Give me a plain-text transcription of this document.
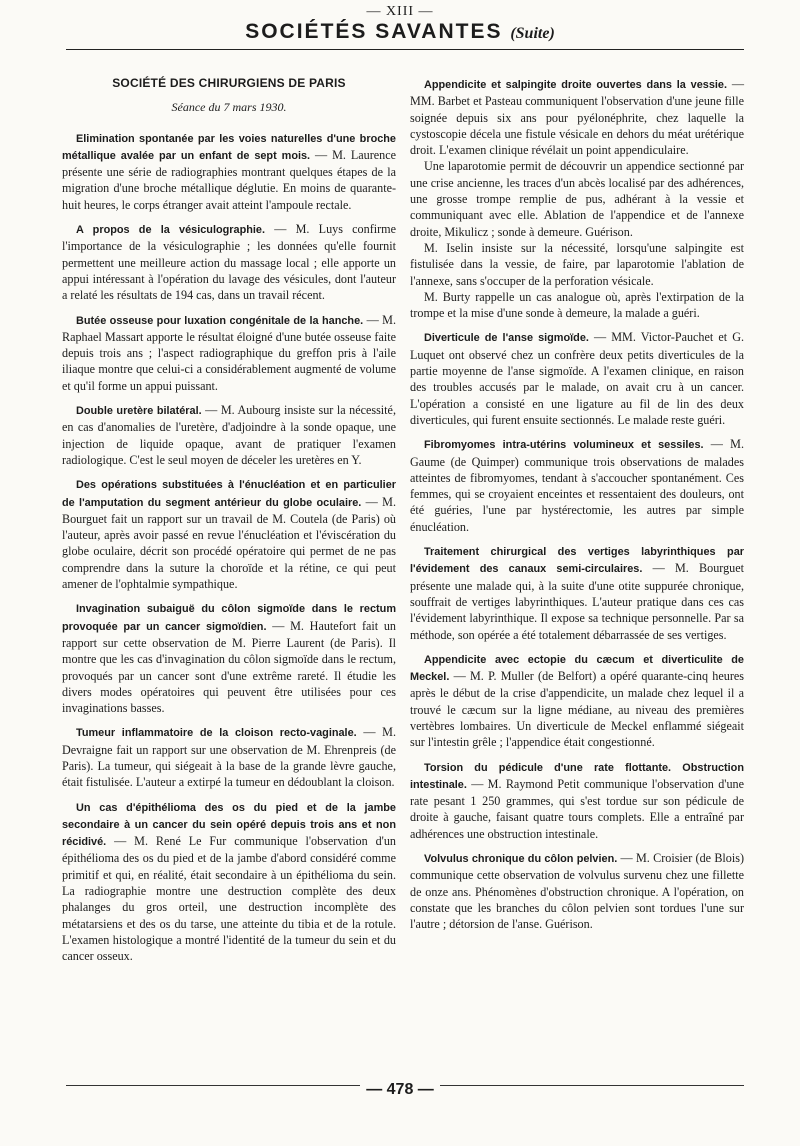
— XIII —
SOCIÉTÉS SAVANTES (Suite)
SOCIÉTÉ DES CHIRURGIENS DE PARIS
Séance du 7 mars 1930.

Elimination spontanée par les voies naturelles d'une broche métallique avalée par un enfant de sept mois. — M. Laurence présente une série de radiographies montrant quelques étapes de la migration d'une broche métallique déglutie. En moins de quarante-huit heures, le corps étranger avait atteint l'ampoule rectale.

A propos de la vésiculographie. — M. Luys confirme l'importance de la vésiculographie ; les données qu'elle fournit permettent une meilleure action du massage local ; elle apporte un appui intéressant à l'opération du lavage des vésicules, dont l'auteur a relaté les résultats de 194 cas, dans un travail récent.

Butée osseuse pour luxation congénitale de la hanche. — M. Raphael Massart apporte le résultat éloigné d'une butée osseuse faite depuis trois ans ; l'aspect radiographique du greffon pris à l'aile iliaque montre que celui-ci a considérablement augmenté de volume et qu'il forme un appui puissant.

Double uretère bilatéral. — M. Aubourg insiste sur la nécessité, en cas d'anomalies de l'uretère, d'adjoindre à la sonde opaque, une injection de liquide opaque, avant de pratiquer l'examen radiologique. C'est le seul moyen de déceler les uretères en Y.

Des opérations substituées à l'énucléation et en particulier de l'amputation du segment antérieur du globe oculaire. — M. Bourguet fait un rapport sur un travail de M. Coutela (de Paris) où l'auteur, après avoir passé en revue l'énucléation et l'éviscération du globe oculaire, décrit son procédé opératoire qui permet de ne pas comprendre dans la suture la choroïde et la rétine, ce qui peut amener de l'ophtalmie sympathique.

Invagination subaiguë du côlon sigmoïde dans le rectum provoquée par un cancer sigmoïdien. — M. Hautefort fait un rapport sur cette observation de M. Pierre Laurent (de Paris). Il montre que les cas d'invagination du côlon sigmoïde dans le rectum, provoqués par un cancer sont d'une extrême rareté. Il étudie les divers modes opératoires qui peuvent être utilisées pour ces invaginations basses.

Tumeur inflammatoire de la cloison recto-vaginale. — M. Devraigne fait un rapport sur une observation de M. Ehrenpreis (de Paris). La tumeur, qui siégeait à la base de la grande lèvre gauche, était fistulisée. L'auteur a extirpé la tumeur en dédoublant la cloison.

Un cas d'épithélioma des os du pied et de la jambe secondaire à un cancer du sein opéré depuis trois ans et non récidivé. — M. René Le Fur communique l'observation d'un épithélioma des os du pied et de la jambe d'abord considéré comme primitif et qui, en réalité, était secondaire à un épithélioma du sein. La radiographie montre une destruction complète des deux phalanges du gros orteil, une destruction incomplète des métatarsiens et des os du tarse, une atteinte du tibia et de la rotule. L'examen histologique a montré l'identité de la tumeur du sein et du cancer osseux.

Appendicite et salpingite droite ouvertes dans la vessie. — MM. Barbet et Pasteau communiquent l'observation d'une jeune fille soignée depuis six ans pour pyélonéphrite, chez laquelle la cystoscopie décela une fistule vésicale en dehors du méat urétérique droit. L'examen clinique révélait un point appendiculaire.

Une laparotomie permit de découvrir un appendice sectionné par une crise ancienne, les traces d'un abcès localisé par des adhérences, une grosse trompe remplie de pus, adhérant à la vessie et communiquant avec elle. Ablation de l'appendice et de l'annexe droite, Mikulicz ; sonde à demeure. Guérison.

M. Iselin insiste sur la nécessité, lorsqu'une salpingite est fistulisée dans la vessie, de faire, par laparotomie l'ablation de l'annexe, sans s'occuper de la perforation vésicale.

M. Burty rappelle un cas analogue où, après l'extirpation de la trompe et la mise d'une sonde à demeure, la malade a guéri.

Diverticule de l'anse sigmoïde. — MM. Victor-Pauchet et G. Luquet ont observé chez un confrère deux petits diverticules de la partie moyenne de l'anse sigmoïde. A l'examen clinique, en raison des troubles accusés par le malade, on avait cru à un cancer. L'opération a consisté en une ligature au fil de lin des deux diverticules, qui furent ensuite sectionnés. Le malade reste guéri.

Fibromyomes intra-utérins volumineux et sessiles. — M. Gaume (de Quimper) communique trois observations de malades atteintes de fibromyomes, tendant à s'accoucher spontanément. Ces femmes, qui se croyaient enceintes et ressentaient des douleurs, ont été guéries, l'une par hystérectomie, les autres par simple énucléation.

Traitement chirurgical des vertiges labyrinthiques par l'évidement des canaux semi-circulaires. — M. Bourguet présente une malade qui, à la suite d'une otite suppurée chronique, souffrait de vertiges labyrinthiques. L'auteur pratique dans ces cas l'évidement labyrinthique. Il expose sa technique personnelle. Par sa méthode, son opérée a été totalement débarrassée de ses vertiges.

Appendicite avec ectopie du cæcum et diverticulite de Meckel. — M. P. Muller (de Belfort) a opéré quarante-cinq heures après le début de la crise d'appendicite, un malade chez lequel il a trouvé le cæcum sur la ligne médiane, au niveau des premières vertèbres lombaires. Un diverticule de Meckel enflammé siégeait sur l'intestin grêle ; l'appendice était congestionné.

Torsion du pédicule d'une rate flottante. Obstruction intestinale. — M. Raymond Petit communique l'observation d'une rate pesant 1 250 grammes, qui s'est tordue sur son pédicule de droite à gauche, faisant quatre tours complets. Elle a entraîné par adhérences une obstruction intestinale.

Volvulus chronique du côlon pelvien. — M. Croisier (de Blois) communique cette observation de volvulus survenu chez une fillette de onze ans. Phénomènes d'obstruction chronique. A l'opération, on constate que les branches du côlon pelvien sont tordues l'une sur l'autre ; détorsion de l'anse. Guérison.

— 478 —
